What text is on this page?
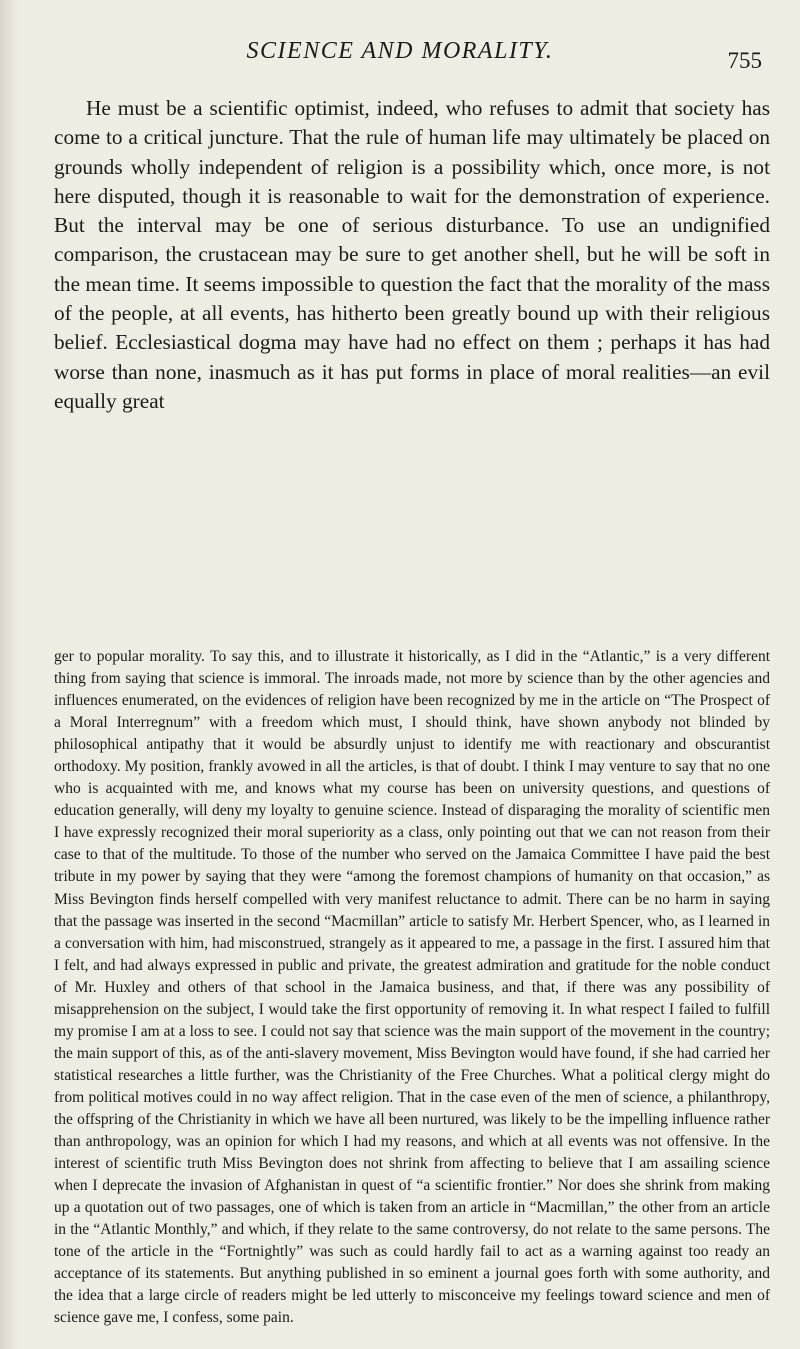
SCIENCE AND MORALITY.	755

He must be a scientific optimist, indeed, who refuses to admit that society has come to a critical juncture. That the rule of human life may ultimately be placed on grounds wholly independent of religion is a possibility which, once more, is not here disputed, though it is reasonable to wait for the demonstration of experience. But the interval may be one of serious disturbance. To use an undignified comparison, the crustacean may be sure to get another shell, but he will be soft in the mean time. It seems impossible to question the fact that the morality of the mass of the people, at all events, has hitherto been greatly bound up with their religious belief. Ecclesiastical dogma may have had no effect on them ; perhaps it has had worse than none, inasmuch as it has put forms in place of moral realities—an evil equally great

ger to popular morality. To say this, and to illustrate it historically, as I did in the “Atlantic,” is a very different thing from saying that science is immoral. The inroads made, not more by science than by the other agencies and influences enumerated, on the evidences of religion have been recognized by me in the article on “The Prospect of a Moral Interregnum” with a freedom which must, I should think, have shown anybody not blinded by philosophical antipathy that it would be absurdly unjust to identify me with reactionary and obscurantist orthodoxy. My position, frankly avowed in all the articles, is that of doubt. I think I may venture to say that no one who is acquainted with me, and knows what my course has been on university questions, and questions of education generally, will deny my loyalty to genuine science. Instead of disparaging the morality of scientific men I have expressly recognized their moral superiority as a class, only pointing out that we can not reason from their case to that of the multitude. To those of the number who served on the Jamaica Committee I have paid the best tribute in my power by saying that they were “among the foremost champions of humanity on that occasion,” as Miss Bevington finds herself compelled with very manifest reluctance to admit. There can be no harm in saying that the passage was inserted in the second “Macmillan” article to satisfy Mr. Herbert Spencer, who, as I learned in a conversation with him, had misconstrued, strangely as it appeared to me, a passage in the first. I assured him that I felt, and had always expressed in public and private, the greatest admiration and gratitude for the noble conduct of Mr. Huxley and others of that school in the Jamaica business, and that, if there was any possibility of misapprehension on the subject, I would take the first opportunity of removing it. In what respect I failed to fulfill my promise I am at a loss to see. I could not say that science was the main support of the movement in the country; the main support of this, as of the anti-slavery movement, Miss Bevington would have found, if she had carried her statistical researches a little further, was the Christianity of the Free Churches. What a political clergy might do from political motives could in no way affect religion. That in the case even of the men of science, a philanthropy, the offspring of the Christianity in which we have all been nurtured, was likely to be the impelling influence rather than anthropology, was an opinion for which I had my reasons, and which at all events was not offensive. In the interest of scientific truth Miss Bevington does not shrink from affecting to believe that I am assailing science when I deprecate the invasion of Afghanistan in quest of “a scientific frontier.” Nor does she shrink from making up a quotation out of two passages, one of which is taken from an article in “Macmillan,” the other from an article in the “Atlantic Monthly,” and which, if they relate to the same controversy, do not relate to the same persons. The tone of the article in the “Fortnightly” was such as could hardly fail to act as a warning against too ready an acceptance of its statements. But anything published in so eminent a journal goes forth with some authority, and the idea that a large circle of readers might be led utterly to misconceive my feelings toward science and men of science gave me, I confess, some pain.
